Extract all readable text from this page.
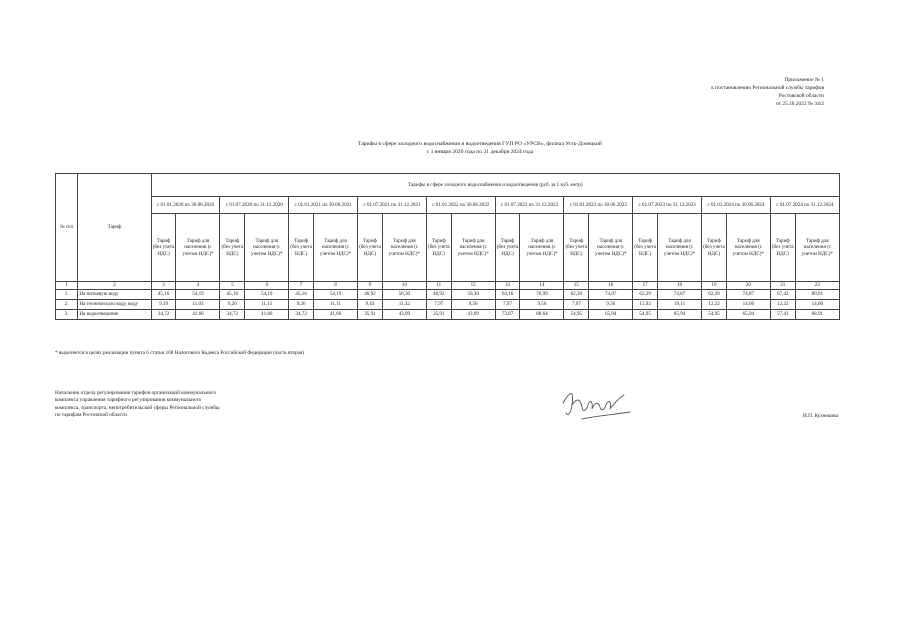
Приложение № 1
к постановлению Региональной службы тарифов
Ростовской области
от 25.10.2022 № 34/2
Тарифы в сфере холодного водоснабжения и водоотведения ГУП РО «УРСВ», филиал Усть-Донецкий
с 1 января 2020 года по 31 декабря 2024 года
№ п/п	Тариф	Тарифы в сфере холодного водоснабжения и водоотведения (руб. за 1 куб. метр)																			
		с 01.01.2020 по 30.06.2020		с 01.07.2020 по 31.12.2020		с 01.01.2021 по 30.06.2021		с 01.07.2021 по 31.12.2021		с 01.01.2022 по 30.06.2022		с 01.07.2022 по 31.12.2022		с 01.01.2023 по 30.06.2023		с 01.07.2023 по 31.12.2023		с 01.01.2024 по 30.06.2024		с 01.07.2024 по 31.12.2024	
		Тариф (без учета НДС)	Тариф для населения (с учетом НДС)*	Тариф (без учета НДС)	Тариф для населения (с учетом НДС)*	Тариф (без учета НДС)	Тариф для населения (с учетом НДС)*	Тариф (без учета НДС)	Тариф для населения (с учетом НДС)*	Тариф (без учета НДС)	Тариф для населения (с учетом НДС)*	Тариф (без учета НДС)	Тариф для населения (с учетом НДС)*	Тариф (без учета НДС)	Тариф для населения (с учетом НДС)*	Тариф (без учета НДС)	Тариф для населения (с учетом НДС)*	Тариф (без учета НДС)	Тариф для населения (с учетом НДС)*	Тариф (без учета НДС)	Тариф для населения (с учетом НДС)*
1	2	3	4	5	6	7	8	9	10	11	12	13	14	15	16	17	18	19	20	21	22
1.	На питьевую воду	45,16	54,19	45,16	54,19	45,16	54,19	46,92	56,30	46,92	56,30	64,16	76,99	62,39	74,87	62,39	74,87	62,39	74,87	67,42	80,91
2.	На техническую воду, воду	9,19	11,03	9,26	11,11	9,26	11,11	9,43	11,32	7,97	9,56	7,97	9,56	7,97	9,56	15,92	19,11	12,22	14,66	12,22	14,66
3.	На водоотведение	34,72	41,66	34,72	41,66	34,72	41,66	35,91	43,09	35,91	43,09	73,87	88,64	54,95	65,94	54,95	65,94	54,95	65,94	57,43	68,91
* выделяется в целях реализации пункта 6 статьи 168 Налогового Кодекса Российской Федерации (часть вторая)
Начальник отдела регулирования тарифов организаций коммунального
комплекса управления тарифного регулирования коммунального
комплекса, транспорта, непотребительской сферы Региональной службы
по тарифам Ростовской области	И.П. Кузнецова
